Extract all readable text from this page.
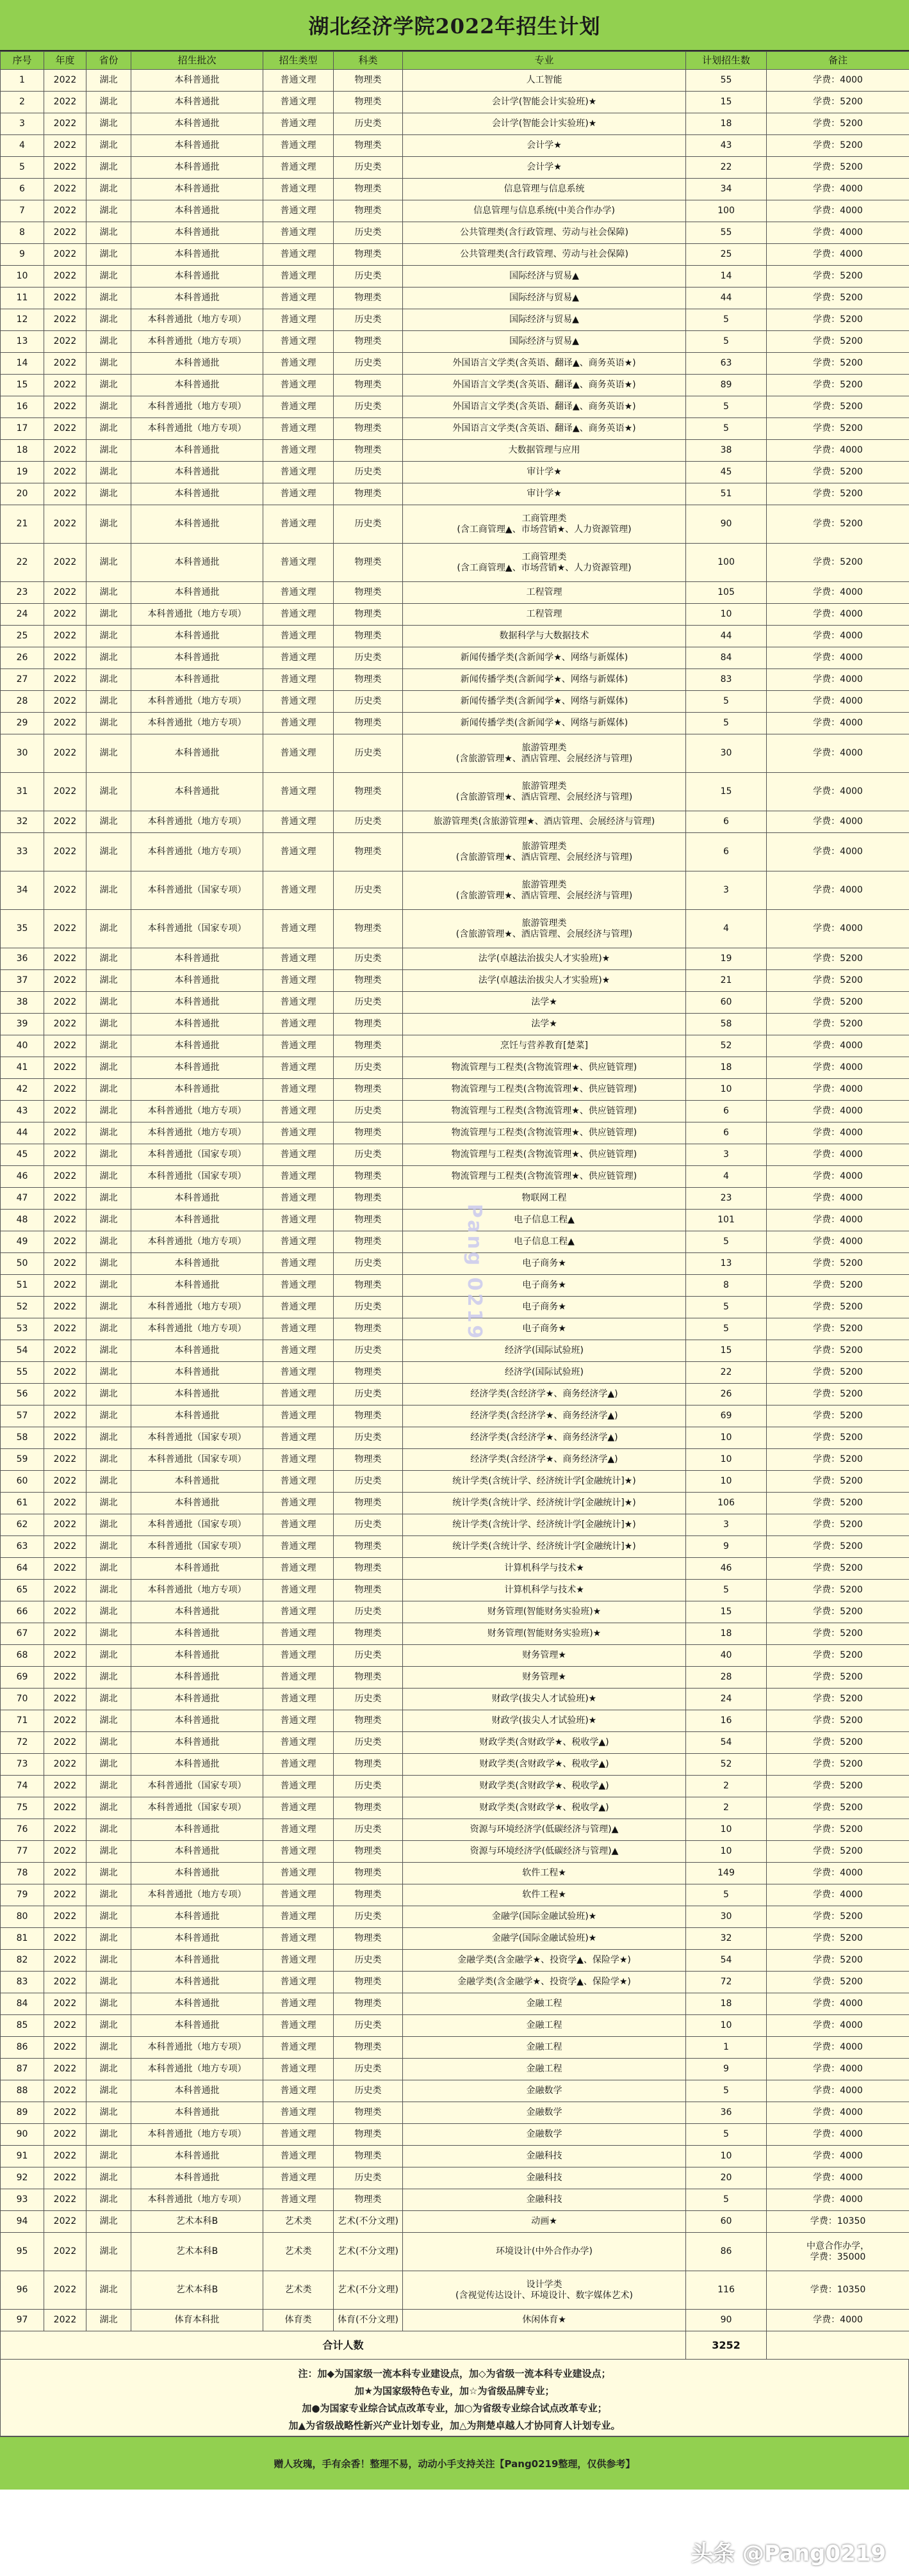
湖北经济学院2022年招生计划
序号	年度	省份	招生批次	招生类型	科类	专业	计划招生数	备注
1	2022	湖北	本科普通批	普通文理	物理类	人工智能	55	学费：4000
2	2022	湖北	本科普通批	普通文理	物理类	会计学(智能会计实验班)★	15	学费：5200
3	2022	湖北	本科普通批	普通文理	历史类	会计学(智能会计实验班)★	18	学费：5200
4	2022	湖北	本科普通批	普通文理	物理类	会计学★	43	学费：5200
5	2022	湖北	本科普通批	普通文理	历史类	会计学★	22	学费：5200
6	2022	湖北	本科普通批	普通文理	物理类	信息管理与信息系统	34	学费：4000
7	2022	湖北	本科普通批	普通文理	物理类	信息管理与信息系统(中美合作办学)	100	学费：4000
8	2022	湖北	本科普通批	普通文理	历史类	公共管理类(含行政管理、劳动与社会保障)	55	学费：4000
9	2022	湖北	本科普通批	普通文理	物理类	公共管理类(含行政管理、劳动与社会保障)	25	学费：4000
10	2022	湖北	本科普通批	普通文理	历史类	国际经济与贸易▲	14	学费：5200
11	2022	湖北	本科普通批	普通文理	物理类	国际经济与贸易▲	44	学费：5200
12	2022	湖北	本科普通批（地方专项）	普通文理	历史类	国际经济与贸易▲	5	学费：5200
13	2022	湖北	本科普通批（地方专项）	普通文理	物理类	国际经济与贸易▲	5	学费：5200
14	2022	湖北	本科普通批	普通文理	历史类	外国语言文学类(含英语、翻译▲、商务英语★)	63	学费：5200
15	2022	湖北	本科普通批	普通文理	物理类	外国语言文学类(含英语、翻译▲、商务英语★)	89	学费：5200
16	2022	湖北	本科普通批（地方专项）	普通文理	历史类	外国语言文学类(含英语、翻译▲、商务英语★)	5	学费：5200
17	2022	湖北	本科普通批（地方专项）	普通文理	物理类	外国语言文学类(含英语、翻译▲、商务英语★)	5	学费：5200
18	2022	湖北	本科普通批	普通文理	物理类	大数据管理与应用	38	学费：4000
19	2022	湖北	本科普通批	普通文理	历史类	审计学★	45	学费：5200
20	2022	湖北	本科普通批	普通文理	物理类	审计学★	51	学费：5200
21	2022	湖北	本科普通批	普通文理	历史类	工商管理类
(含工商管理▲、市场营销★、人力资源管理)	90	学费：5200
22	2022	湖北	本科普通批	普通文理	物理类	工商管理类
(含工商管理▲、市场营销★、人力资源管理)	100	学费：5200
23	2022	湖北	本科普通批	普通文理	物理类	工程管理	105	学费：4000
24	2022	湖北	本科普通批（地方专项）	普通文理	物理类	工程管理	10	学费：4000
25	2022	湖北	本科普通批	普通文理	物理类	数据科学与大数据技术	44	学费：4000
26	2022	湖北	本科普通批	普通文理	历史类	新闻传播学类(含新闻学★、网络与新媒体)	84	学费：4000
27	2022	湖北	本科普通批	普通文理	物理类	新闻传播学类(含新闻学★、网络与新媒体)	83	学费：4000
28	2022	湖北	本科普通批（地方专项）	普通文理	历史类	新闻传播学类(含新闻学★、网络与新媒体)	5	学费：4000
29	2022	湖北	本科普通批（地方专项）	普通文理	物理类	新闻传播学类(含新闻学★、网络与新媒体)	5	学费：4000
30	2022	湖北	本科普通批	普通文理	历史类	旅游管理类
(含旅游管理★、酒店管理、会展经济与管理)	30	学费：4000
31	2022	湖北	本科普通批	普通文理	物理类	旅游管理类
(含旅游管理★、酒店管理、会展经济与管理)	15	学费：4000
32	2022	湖北	本科普通批（地方专项）	普通文理	历史类	旅游管理类(含旅游管理★、酒店管理、会展经济与管理)	6	学费：4000
33	2022	湖北	本科普通批（地方专项）	普通文理	物理类	旅游管理类
(含旅游管理★、酒店管理、会展经济与管理)	6	学费：4000
34	2022	湖北	本科普通批（国家专项）	普通文理	历史类	旅游管理类
(含旅游管理★、酒店管理、会展经济与管理)	3	学费：4000
35	2022	湖北	本科普通批（国家专项）	普通文理	物理类	旅游管理类
(含旅游管理★、酒店管理、会展经济与管理)	4	学费：4000
36	2022	湖北	本科普通批	普通文理	历史类	法学(卓越法治拔尖人才实验班)★	19	学费：5200
37	2022	湖北	本科普通批	普通文理	物理类	法学(卓越法治拔尖人才实验班)★	21	学费：5200
38	2022	湖北	本科普通批	普通文理	历史类	法学★	60	学费：5200
39	2022	湖北	本科普通批	普通文理	物理类	法学★	58	学费：5200
40	2022	湖北	本科普通批	普通文理	物理类	烹饪与营养教育[楚菜]	52	学费：4000
41	2022	湖北	本科普通批	普通文理	历史类	物流管理与工程类(含物流管理★、供应链管理)	18	学费：4000
42	2022	湖北	本科普通批	普通文理	物理类	物流管理与工程类(含物流管理★、供应链管理)	10	学费：4000
43	2022	湖北	本科普通批（地方专项）	普通文理	历史类	物流管理与工程类(含物流管理★、供应链管理)	6	学费：4000
44	2022	湖北	本科普通批（地方专项）	普通文理	物理类	物流管理与工程类(含物流管理★、供应链管理)	6	学费：4000
45	2022	湖北	本科普通批（国家专项）	普通文理	历史类	物流管理与工程类(含物流管理★、供应链管理)	3	学费：4000
46	2022	湖北	本科普通批（国家专项）	普通文理	物理类	物流管理与工程类(含物流管理★、供应链管理)	4	学费：4000
47	2022	湖北	本科普通批	普通文理	物理类	物联网工程	23	学费：4000
48	2022	湖北	本科普通批	普通文理	物理类	电子信息工程▲	101	学费：4000
49	2022	湖北	本科普通批（地方专项）	普通文理	物理类	电子信息工程▲	5	学费：4000
50	2022	湖北	本科普通批	普通文理	历史类	电子商务★	13	学费：5200
51	2022	湖北	本科普通批	普通文理	物理类	电子商务★	8	学费：5200
52	2022	湖北	本科普通批（地方专项）	普通文理	历史类	电子商务★	5	学费：5200
53	2022	湖北	本科普通批（地方专项）	普通文理	物理类	电子商务★	5	学费：5200
54	2022	湖北	本科普通批	普通文理	历史类	经济学(国际试验班)	15	学费：5200
55	2022	湖北	本科普通批	普通文理	物理类	经济学(国际试验班)	22	学费：5200
56	2022	湖北	本科普通批	普通文理	历史类	经济学类(含经济学★、商务经济学▲)	26	学费：5200
57	2022	湖北	本科普通批	普通文理	物理类	经济学类(含经济学★、商务经济学▲)	69	学费：5200
58	2022	湖北	本科普通批（国家专项）	普通文理	历史类	经济学类(含经济学★、商务经济学▲)	10	学费：5200
59	2022	湖北	本科普通批（国家专项）	普通文理	物理类	经济学类(含经济学★、商务经济学▲)	10	学费：5200
60	2022	湖北	本科普通批	普通文理	历史类	统计学类(含统计学、经济统计学[金融统计]★)	10	学费：5200
61	2022	湖北	本科普通批	普通文理	物理类	统计学类(含统计学、经济统计学[金融统计]★)	106	学费：5200
62	2022	湖北	本科普通批（国家专项）	普通文理	历史类	统计学类(含统计学、经济统计学[金融统计]★)	3	学费：5200
63	2022	湖北	本科普通批（国家专项）	普通文理	物理类	统计学类(含统计学、经济统计学[金融统计]★)	9	学费：5200
64	2022	湖北	本科普通批	普通文理	物理类	计算机科学与技术★	46	学费：5200
65	2022	湖北	本科普通批（地方专项）	普通文理	物理类	计算机科学与技术★	5	学费：5200
66	2022	湖北	本科普通批	普通文理	历史类	财务管理(智能财务实验班)★	15	学费：5200
67	2022	湖北	本科普通批	普通文理	物理类	财务管理(智能财务实验班)★	18	学费：5200
68	2022	湖北	本科普通批	普通文理	历史类	财务管理★	40	学费：5200
69	2022	湖北	本科普通批	普通文理	物理类	财务管理★	28	学费：5200
70	2022	湖北	本科普通批	普通文理	历史类	财政学(拔尖人才试验班)★	24	学费：5200
71	2022	湖北	本科普通批	普通文理	物理类	财政学(拔尖人才试验班)★	16	学费：5200
72	2022	湖北	本科普通批	普通文理	历史类	财政学类(含财政学★、税收学▲)	54	学费：5200
73	2022	湖北	本科普通批	普通文理	物理类	财政学类(含财政学★、税收学▲)	52	学费：5200
74	2022	湖北	本科普通批（国家专项）	普通文理	历史类	财政学类(含财政学★、税收学▲)	2	学费：5200
75	2022	湖北	本科普通批（国家专项）	普通文理	物理类	财政学类(含财政学★、税收学▲)	2	学费：5200
76	2022	湖北	本科普通批	普通文理	历史类	资源与环境经济学(低碳经济与管理)▲	10	学费：5200
77	2022	湖北	本科普通批	普通文理	物理类	资源与环境经济学(低碳经济与管理)▲	10	学费：5200
78	2022	湖北	本科普通批	普通文理	物理类	软件工程★	149	学费：4000
79	2022	湖北	本科普通批（地方专项）	普通文理	物理类	软件工程★	5	学费：4000
80	2022	湖北	本科普通批	普通文理	历史类	金融学(国际金融试验班)★	30	学费：5200
81	2022	湖北	本科普通批	普通文理	物理类	金融学(国际金融试验班)★	32	学费：5200
82	2022	湖北	本科普通批	普通文理	历史类	金融学类(含金融学★、投资学▲、保险学★)	54	学费：5200
83	2022	湖北	本科普通批	普通文理	物理类	金融学类(含金融学★、投资学▲、保险学★)	72	学费：5200
84	2022	湖北	本科普通批	普通文理	物理类	金融工程	18	学费：4000
85	2022	湖北	本科普通批	普通文理	历史类	金融工程	10	学费：4000
86	2022	湖北	本科普通批（地方专项）	普通文理	物理类	金融工程	1	学费：4000
87	2022	湖北	本科普通批（地方专项）	普通文理	历史类	金融工程	9	学费：4000
88	2022	湖北	本科普通批	普通文理	历史类	金融数学	5	学费：4000
89	2022	湖北	本科普通批	普通文理	物理类	金融数学	36	学费：4000
90	2022	湖北	本科普通批（地方专项）	普通文理	物理类	金融数学	5	学费：4000
91	2022	湖北	本科普通批	普通文理	物理类	金融科技	10	学费：4000
92	2022	湖北	本科普通批	普通文理	历史类	金融科技	20	学费：4000
93	2022	湖北	本科普通批（地方专项）	普通文理	物理类	金融科技	5	学费：4000
94	2022	湖北	艺术本科B	艺术类	艺术(不分文理)	动画★	60	学费：10350
95	2022	湖北	艺术本科B	艺术类	艺术(不分文理)	环境设计(中外合作办学)	86	中意合作办学，
学费：35000
96	2022	湖北	艺术本科B	艺术类	艺术(不分文理)	设计学类
(含视觉传达设计、环境设计、数字媒体艺术)	116	学费：10350
97	2022	湖北	体育本科批	体育类	体育(不分文理)	休闲体育★	90	学费：4000
合计人数							3252	
注：加◆为国家级一流本科专业建设点，加◇为省级一流本科专业建设点；
加★为国家级特色专业，加☆为省级品牌专业；
加●为国家专业综合试点改革专业，加○为省级专业综合试点改革专业；
加▲为省级战略性新兴产业计划专业，加△为荆楚卓越人才协同育人计划专业。
赠人玫瑰，手有余香！整理不易，动动小手支持关注【Pang0219整理，仅供参考】
Pang 0219
头条 @Pang0219
